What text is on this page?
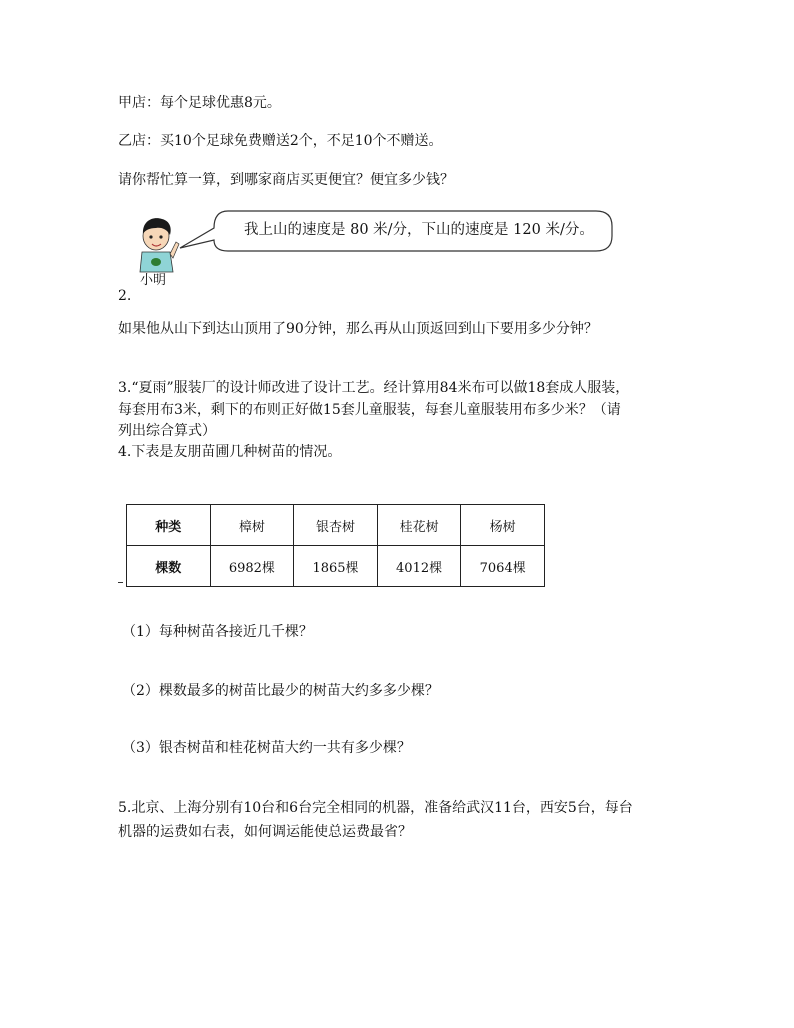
甲店：每个足球优惠8元。
乙店：买10个足球免费赠送2个，不足10个不赠送。
请你帮忙算一算，到哪家商店买更便宜？便宜多少钱？
小明
我上山的速度是 80 米/分，下山的速度是 120 米/分。
2.
如果他从山下到达山顶用了90分钟，那么再从山顶返回到山下要用多少分钟？
3.“夏雨”服装厂的设计师改进了设计工艺。经计算用84米布可以做18套成人服装，
每套用布3米，剩下的布则正好做15套儿童服装，每套儿童服装用布多少米？（请
列出综合算式）
4.下表是友朋苗圃几种树苗的情况。
种类	樟树	银杏树	桂花树	杨树
棵数	6982棵	1865棵	4012棵	7064棵
（1）每种树苗各接近几千棵？
（2）棵数最多的树苗比最少的树苗大约多多少棵？
（3）银杏树苗和桂花树苗大约一共有多少棵？
5.北京、上海分别有10台和6台完全相同的机器，准备给武汉11台，西安5台，每台
机器的运费如右表，如何调运能使总运费最省？
